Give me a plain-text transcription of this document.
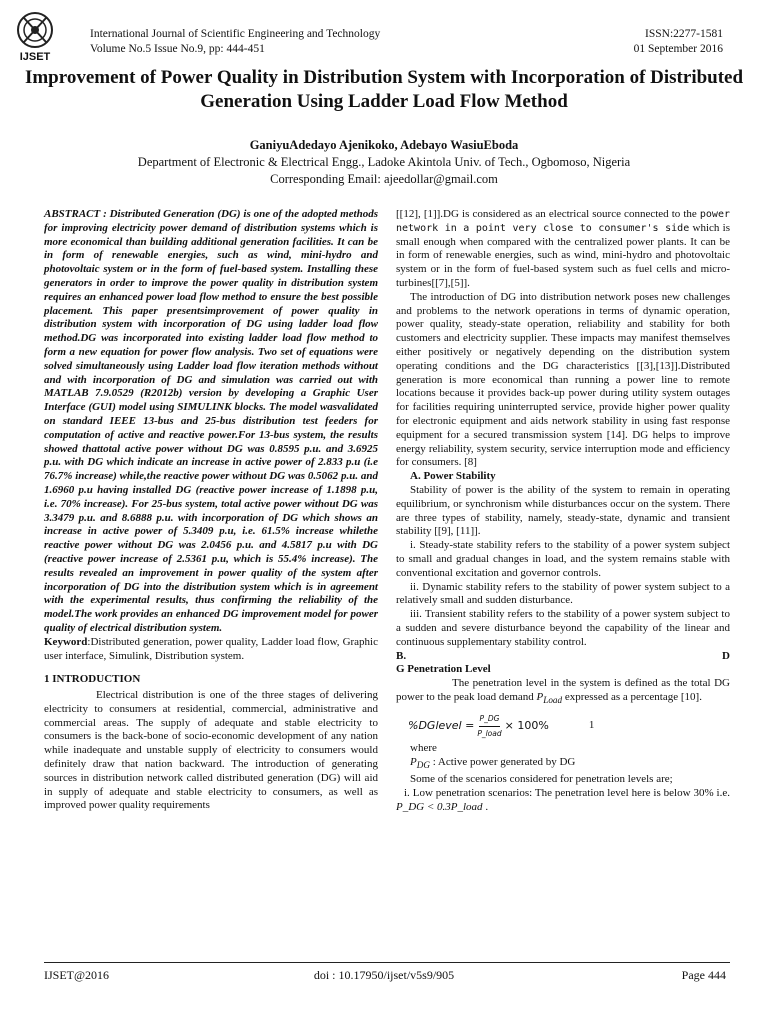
IJSET
International Journal of Scientific Engineering and Technology
Volume No.5 Issue No.9, pp: 444-451
ISSN:2277-1581
01 September 2016
Improvement of Power Quality in Distribution System with Incorporation of Distributed Generation Using Ladder Load Flow Method
GaniyuAdedayo Ajenikoko, Adebayo WasiuEboda
Department of Electronic & Electrical Engg., Ladoke Akintola Univ. of Tech., Ogbomoso, Nigeria
Corresponding Email: ajeedollar@gmail.com

ABSTRACT : Distributed Generation (DG) is one of the adopted methods for improving electricity power demand of distribution systems which is more economical than building additional generation facilities. It can be in form of renewable energies, such as wind, mini-hydro and photovoltaic system or in the form of fuel-based system. Installing these generators in order to improve the power quality in distribution system requires an enhanced power load flow method to ensure the best possible placement. This paper presentsimprovement of power quality in distribution system with incorporation of DG using ladder load flow method.DG was incorporated into existing ladder load flow method to form a new equation for power flow analysis. Two set of equations were solved simultaneously using Ladder load flow iteration methods without and with incorporation of DG and simulation was carried out with MATLAB 7.9.0529 (R2012b) version by developing a Graphic User Interface (GUI) model using SIMULINK blocks. The model wasvalidated on standard IEEE 13-bus and 25-bus distribution test feeders for computation of active and reactive power.For 13-bus system, the results showed thattotal active power without DG was 0.8595 p.u. and 3.6925 p.u. with DG which indicate an increase in active power of 2.833 p.u (i.e 76.7% increase) while,the reactive power without DG was 0.5062 p.u. and 1.6960 p.u having installed DG (reactive power increase of 1.1898 p.u, i.e. 70% increase). For 25-bus system, total active power without DG was 3.3479 p.u. and 8.6888 p.u. with incorporation of DG which shows an increase in active power of 5.3409 p.u, i.e. 61.5% increase whilethe reactive power without DG was 2.0456 p.u. and 4.5817 p.u with DG (reactive power increase of 2.5361 p.u, which is 55.4% increase). The results revealed an improvement in power quality of the system after incorporation of DG into the distribution system which is in agreement with the experimental results, thus confirming the reliability of the model.The work provides an enhanced DG improvement model for power quality of electrical distribution system.

Keyword:Distributed generation, power quality, Ladder load flow, Graphic user interface, Simulink, Distribution system.

1 INTRODUCTION

Electrical distribution is one of the three stages of delivering electricity to consumers at residential, commercial, administrative and commercial areas. The supply of adequate and stable electricity to consumers is the back-bone of socio-economic development of any nation while inadequate and unstable supply of electricity to consumers would definitely draw that nation backward. The introduction of generating sources in distribution network called distributed generation (DG) will aid in supply of adequate and stable electricity to consumers, as well as improved power quality requirements

[[12], [1]].DG is considered as an electrical source connected to the power network in a point very close to consumer's side which is small enough when compared with the centralized power plants. It can be in form of renewable energies, such as wind, mini-hydro and photovoltaic system or in the form of fuel-based system such as fuel cells and micro-turbines[[7],[5]].

The introduction of DG into distribution network poses new challenges and problems to the network operations in terms of dynamic operation, power quality, steady-state operation, reliability and stability for both customers and electricity supplier. These impacts may manifest themselves either positively or negatively depending on the distribution system operating conditions and the DG characteristics [[3],[13]].Distributed generation is more economical than running a power line to remote locations because it provides back-up power during utility system outages for facilities requiring uninterrupted service, provide higher power quality for electronic equipment and aids network stability in using fast response equipment for a secured transmission system [14]. DG helps to improve energy reliability, system security, service interruption mode and efficiency for consumers. [8]

A. Power Stability

Stability of power is the ability of the system to remain in operating equilibrium, or synchronism while disturbances occur on the system. There are three types of stability, namely, steady-state, dynamic and transient stability [[9], [11]].

i. Steady-state stability refers to the stability of a power system subject to small and gradual changes in load, and the system remains stable with conventional excitation and governor controls.

ii. Dynamic stability refers to the stability of power system subject to a relatively small and sudden disturbance.

iii. Transient stability refers to the stability of a power system subject to a sudden and severe disturbance beyond the capability of the linear and continuous supplementary stability control.

B.	D

G Penetration Level

The penetration level in the system is defined as the total DG power to the peak load demand $P_{Load}$ expressed as a percentage [10].

%DGlevel = $\frac{P\_DG}{\text{P\_load}} \times 100\%$	1

where

$P_{DG}$ : Active power generated by DG

Some of the scenarios considered for penetration levels are;

i. Low penetration scenarios: The penetration level here is below 30% i.e. P_DG < 0.3P_load .

IJSET@2016	doi : 10.17950/ijset/v5s9/905	Page 444
